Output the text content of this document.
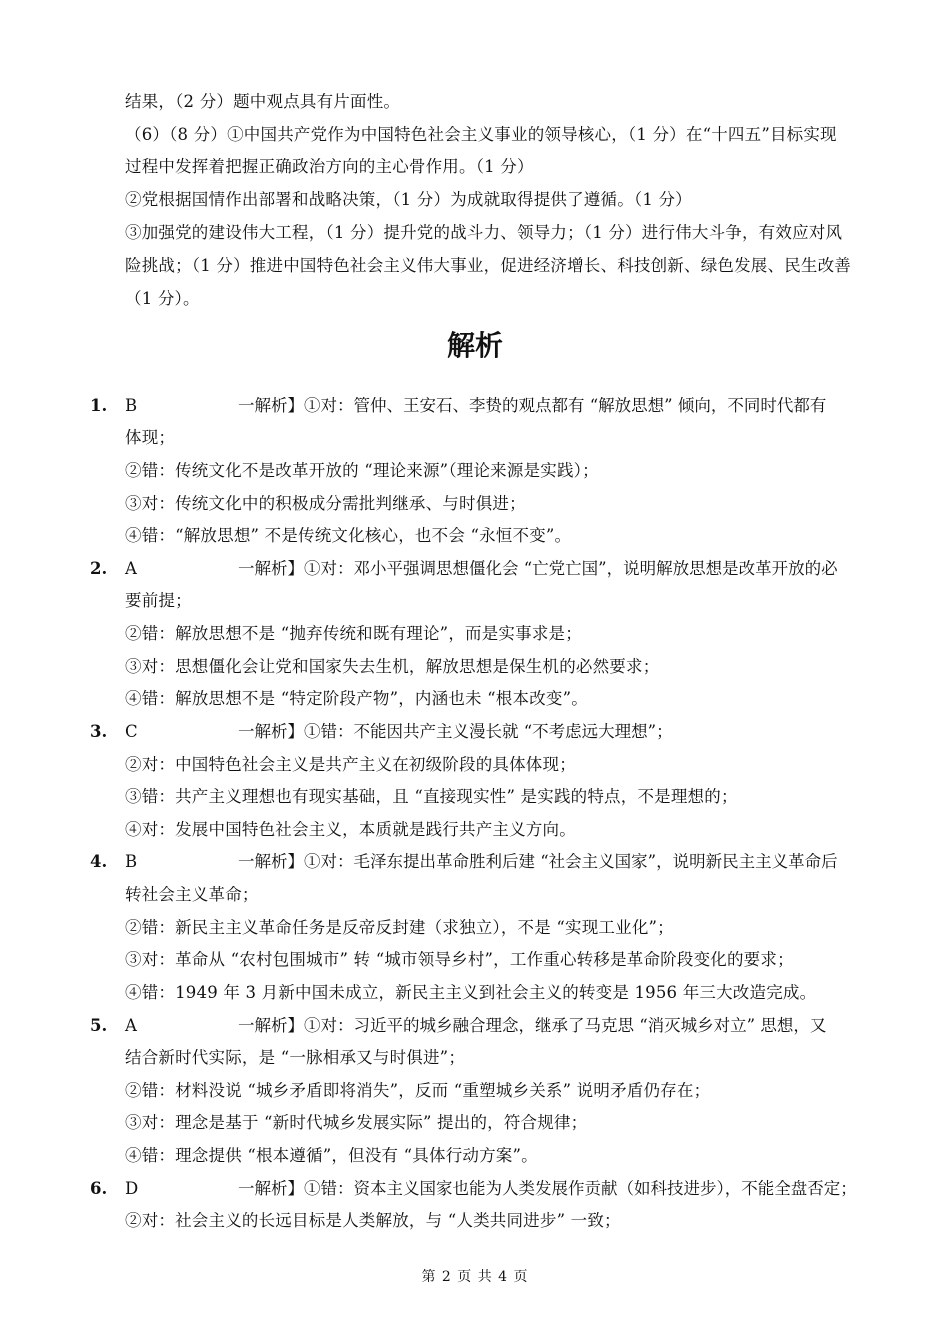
结果，（2 分）题中观点具有片面性。
（6）（8 分）①中国共产党作为中国特色社会主义事业的领导核心，（1 分）在“十四五”目标实现
过程中发挥着把握正确政治方向的主心骨作用。（1 分）
②党根据国情作出部署和战略决策，（1 分）为成就取得提供了遵循。（1 分）
③加强党的建设伟大工程，（1 分）提升党的战斗力、领导力；（1 分）进行伟大斗争，有效应对风
险挑战；（1 分）推进中国特色社会主义伟大事业，促进经济增长、科技创新、绿色发展、民生改善
（1 分）。
解析
1. B	一解析】①对：管仲、王安石、李贽的观点都有 “解放思想” 倾向，不同时代都有
体现；
②错：传统文化不是改革开放的 “理论来源”（理论来源是实践）；
③对：传统文化中的积极成分需批判继承、与时俱进；
④错：“解放思想” 不是传统文化核心，也不会 “永恒不变”。
2. A	一解析】①对：邓小平强调思想僵化会 “亡党亡国”，说明解放思想是改革开放的必
要前提；
②错：解放思想不是 “抛弃传统和既有理论”，而是实事求是；
③对：思想僵化会让党和国家失去生机，解放思想是保生机的必然要求；
④错：解放思想不是 “特定阶段产物”，内涵也未 “根本改变”。
3. C	一解析】①错：不能因共产主义漫长就 “不考虑远大理想”；
②对：中国特色社会主义是共产主义在初级阶段的具体体现；
③错：共产主义理想也有现实基础，且 “直接现实性” 是实践的特点，不是理想的；
④对：发展中国特色社会主义，本质就是践行共产主义方向。
4. B	一解析】①对：毛泽东提出革命胜利后建 “社会主义国家”，说明新民主主义革命后
转社会主义革命；
②错：新民主主义革命任务是反帝反封建（求独立），不是 “实现工业化”；
③对：革命从 “农村包围城市” 转 “城市领导乡村”，工作重心转移是革命阶段变化的要求；
④错：1949 年 3 月新中国未成立，新民主主义到社会主义的转变是 1956 年三大改造完成。
5. A	一解析】①对：习近平的城乡融合理念，继承了马克思 “消灭城乡对立” 思想，又
结合新时代实际，是 “一脉相承又与时俱进”；
②错：材料没说 “城乡矛盾即将消失”，反而 “重塑城乡关系” 说明矛盾仍存在；
③对：理念是基于 “新时代城乡发展实际” 提出的，符合规律；
④错：理念提供 “根本遵循”，但没有 “具体行动方案”。
6. D	一解析】①错：资本主义国家也能为人类发展作贡献（如科技进步），不能全盘否定；
②对：社会主义的长远目标是人类解放，与 “人类共同进步” 一致；
第 2 页 共 4 页
